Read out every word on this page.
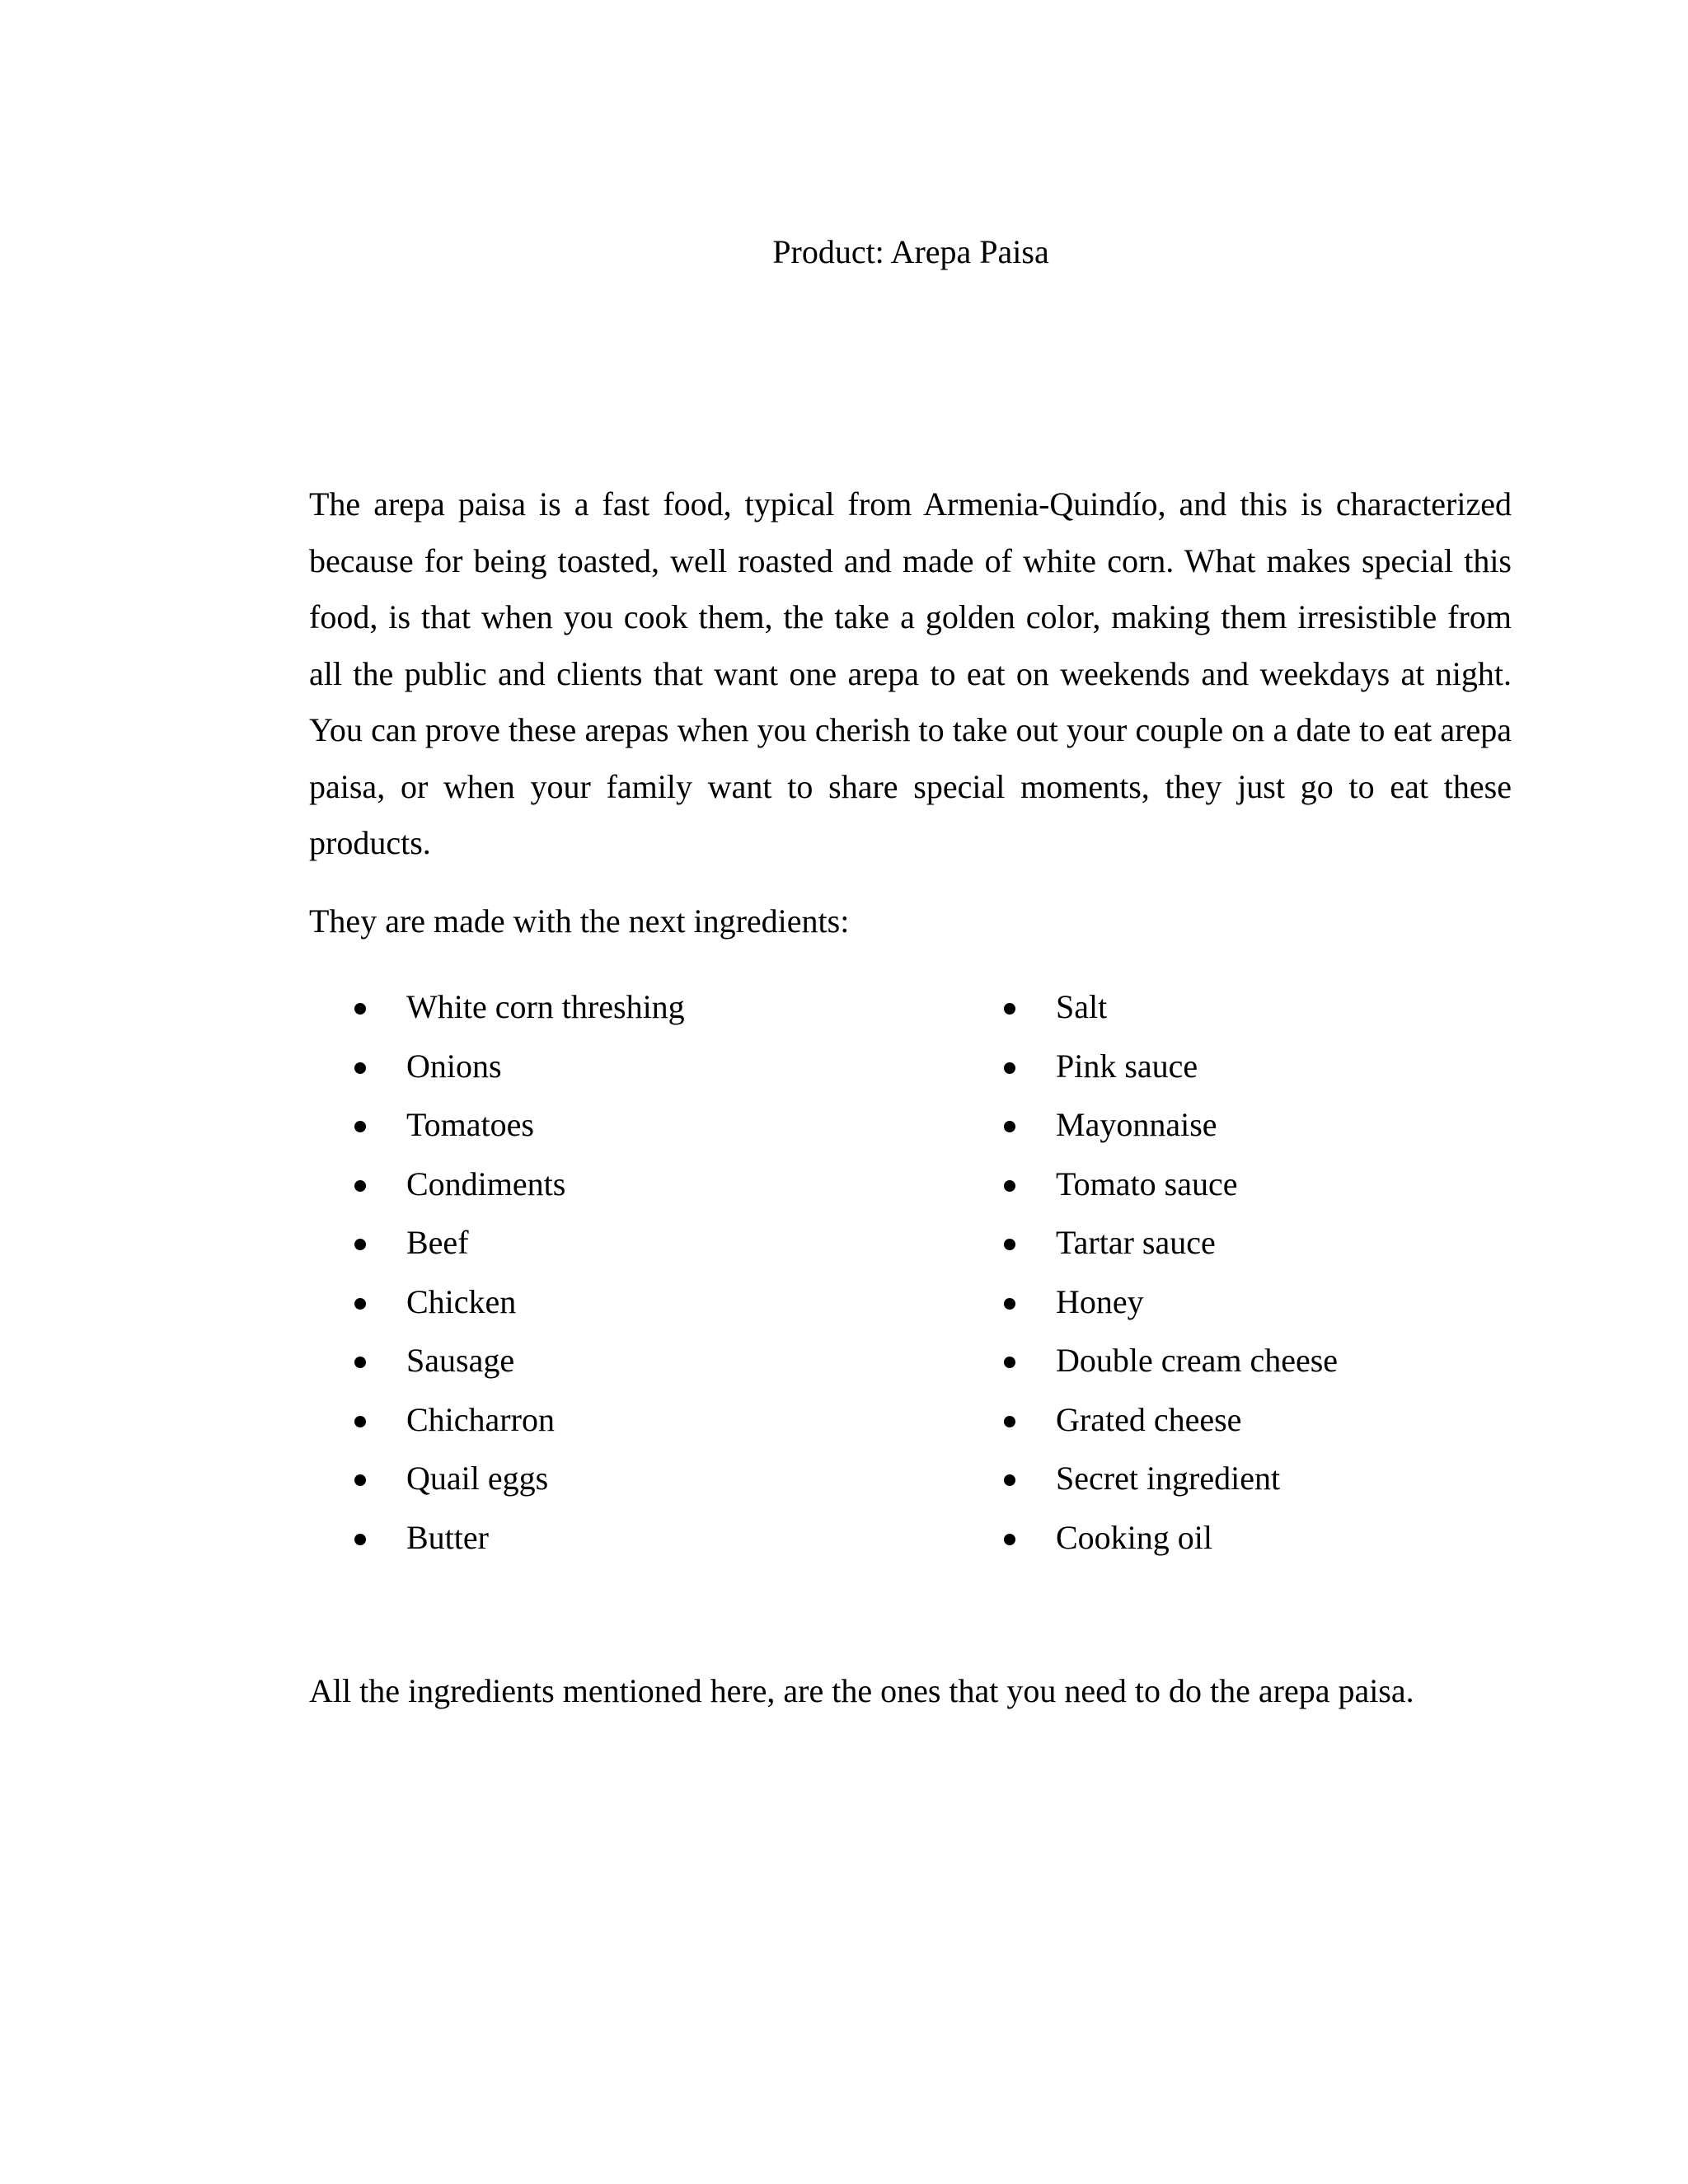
Product: Arepa Paisa

The arepa paisa is a fast food, typical from Armenia-Quindío, and this is characterized because for being toasted, well roasted and made of white corn. What makes special this food, is that when you cook them, the take a golden color, making them irresistible from all the public and clients that want one arepa to eat on weekends and weekdays at night. You can prove these arepas when you cherish to take out your couple on a date to eat arepa paisa, or when your family want to share special moments, they just go to eat these products.

They are made with the next ingredients:

White corn threshing
Onions
Tomatoes
Condiments
Beef
Chicken
Sausage
Chicharron
Quail eggs
Butter
Salt
Pink sauce
Mayonnaise
Tomato sauce
Tartar sauce
Honey
Double cream cheese
Grated cheese
Secret ingredient
Cooking oil

All the ingredients mentioned here, are the ones that you need to do the arepa paisa.
